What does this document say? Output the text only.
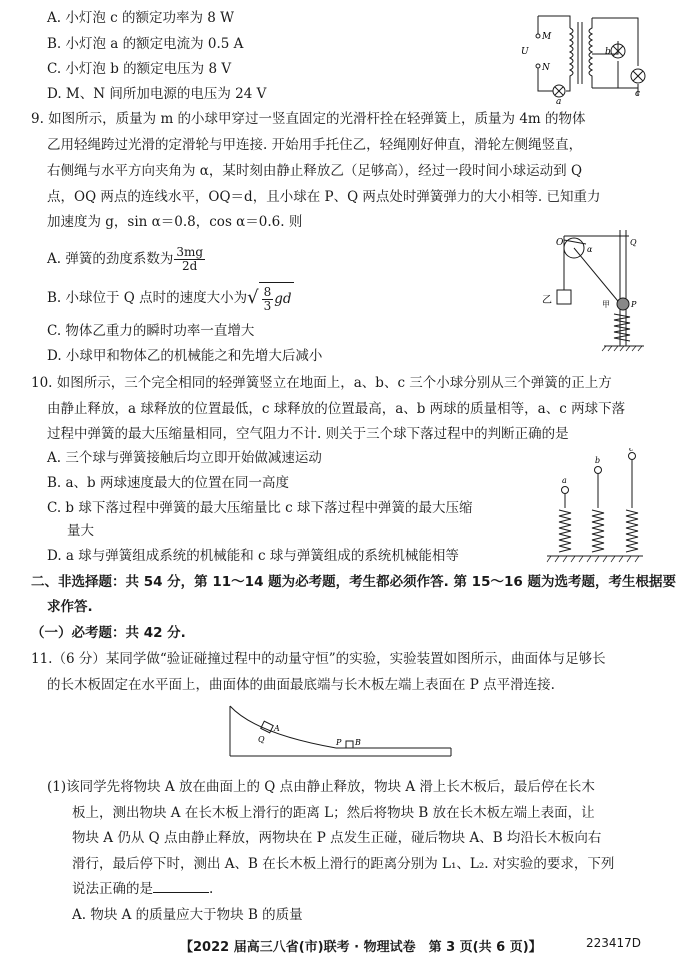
A. 小灯泡 c 的额定功率为 8 W
B. 小灯泡 a 的额定电流为 0.5 A
C. 小灯泡 b 的额定电压为 8 V
D. M、N 间所加电源的电压为 24 V
M
N
U
a
b
c
9. 如图所示，质量为 m 的小球甲穿过一竖直固定的光滑杆拴在轻弹簧上，质量为 4m 的物体
乙用轻绳跨过光滑的定滑轮与甲连接. 开始用手托住乙，轻绳刚好伸直，滑轮左侧绳竖直，
右侧绳与水平方向夹角为 α，某时刻由静止释放乙（足够高），经过一段时间小球运动到 Q
点，OQ 两点的连线水平，OQ＝d，且小球在 P、Q 两点处时弹簧弹力的大小相等. 已知重力
加速度为 g，sin α＝0.8，cos α＝0.6. 则
A. 弹簧的劲度系数为 $\frac{3mg}{2d}$
B. 小球位于 Q 点时的速度大小为√ $\frac{8}{3}$ gd
C. 物体乙重力的瞬时功率一直增大
D. 小球甲和物体乙的机械能之和先增大后减小
O
α
Q
乙	甲	P
10. 如图所示，三个完全相同的轻弹簧竖立在地面上，a、b、c 三个小球分别从三个弹簧的正上方
由静止释放，a 球释放的位置最低，c 球释放的位置最高，a、b 两球的质量相等，a、c 两球下落
过程中弹簧的最大压缩量相同，空气阻力不计. 则关于三个球下落过程中的判断正确的是
A. 三个球与弹簧接触后均立即开始做减速运动
B. a、b 两球速度最大的位置在同一高度
C. b 球下落过程中弹簧的最大压缩量比 c 球下落过程中弹簧的最大压缩
量大
D. a 球与弹簧组成系统的机械能和 c 球与弹簧组成的系统机械能相等
a
b
c
二、非选择题：共 54 分，第 11～14 题为必考题，考生都必须作答. 第 15～16 题为选考题，考生根据要
求作答.
（一）必考题：共 42 分.
11.（6 分）某同学做“验证碰撞过程中的动量守恒”的实验，实验装置如图所示，曲面体与足够长
的长木板固定在水平面上，曲面体的曲面最底端与长木板左端上表面在 P 点平滑连接.
A
Q	P B
(1)该同学先将物块 A 放在曲面上的 Q 点由静止释放，物块 A 滑上长木板后，最后停在长木
板上，测出物块 A 在长木板上滑行的距离 L；然后将物块 B 放在长木板左端上表面，让
物块 A 仍从 Q 点由静止释放，两物块在 P 点发生正碰，碰后物块 A、B 均沿长木板向右
滑行，最后停下时，测出 A、B 在长木板上滑行的距离分别为 L₁、L₂. 对实验的要求，下列
说法正确的是	.
A. 物块 A 的质量应大于物块 B 的质量
【2022 届高三八省(市)联考 · 物理试卷　第 3 页(共 6 页)】	223417D
